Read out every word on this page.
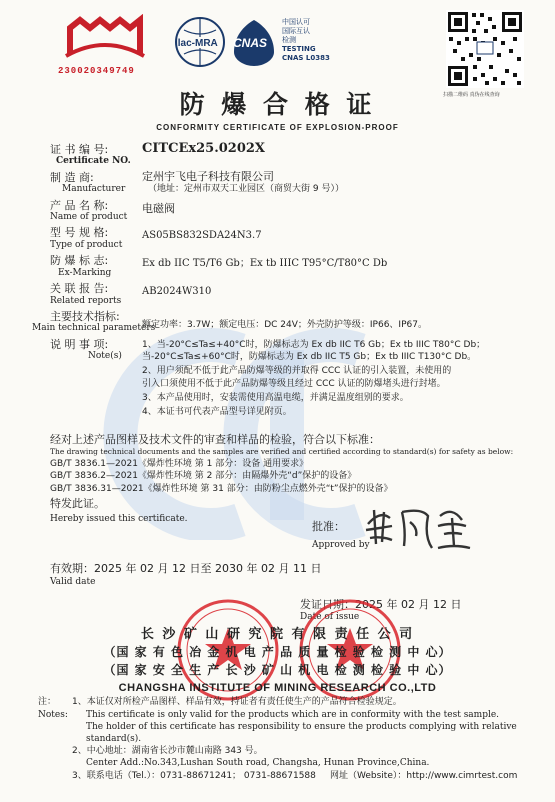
230020349749
ilac-MRA CNAS
中国认可
国际互认
检测
TESTING
CNAS L0383
扫描二维码 真伪在线查询
防 爆 合 格 证
CONFORMITY CERTIFICATE OF EXPLOSION-PROOF
证 书 编 号:
Certificate NO.
CITCEx25.0202X
制 造 商:
Manufacturer
定州宇飞电子科技有限公司
（地址：定州市双天工业园区（商贸大街 9 号））
产 品 名 称:
Name of product
电磁阀
型 号 规 格:
Type of product
AS05BS832SDA24N3.7
防 爆 标 志:
Ex-Marking
Ex db IIC T5/T6 Gb；Ex tb IIIC T95°C/T80°C Db
关 联 报 告:
Related reports
AB2024W310
主要技术指标:
Main technical parameters
额定功率：3.7W；额定电压：DC 24V；外壳防护等级：IP66、IP67。
说 明 事 项:
Note(s)
1、当-20°C≤Ta≤+40°C时，防爆标志为 Ex db IIC T6 Gb；Ex tb IIIC T80°C Db；
当-20°C≤Ta≤+60°C时，防爆标志为 Ex db IIC T5 Gb；Ex tb IIIC T130°C Db。
2、用户须配不低于此产品防爆等级的并取得 CCC 认证的引入装置，未使用的
引入口须使用不低于此产品防爆等级且经过 CCC 认证的防爆堵头进行封堵。
3、本产品使用时，安装需使用高温电缆，并满足温度组别的要求。
4、本证书可代表产品型号详见附页。
经对上述产品图样及技术文件的审查和样品的检验，符合以下标准：
The drawing technical documents and the samples are verified and certified according to standard(s) for safety as below:
GB/T 3836.1—2021《爆炸性环境 第 1 部分：设备 通用要求》
GB/T 3836.2—2021《爆炸性环境 第 2 部分：由隔爆外壳“d”保护的设备》
GB/T 3836.31—2021《爆炸性环境 第 31 部分：由防粉尘点燃外壳“t”保护的设备》
特发此证。
Hereby issued this certificate.
批准：
Approved by
有效期：2025 年 02 月 12 日至 2030 年 02 月 11 日
Valid date
发证日期：2025 年 02 月 12 日
Date of issue
长 沙 矿 山 研 究 院 有 限 责 任 公 司
（国 家 有 色 冶 金 机 电 产 品 质 量 检 验 检 测 中 心）
（国 家 安 全 生 产 长 沙 矿 山 机 电 检 测 检 验 中 心）
CHANGSHA INSTITUTE OF MINING RESEARCH CO.,LTD
注： 1、本证仅对所检产品图样、样品有效，持证者有责任使生产的产品符合检验规定。
Notes: This certificate is only valid for the products which are in conformity with the test sample.
The holder of this certificate has responsibility to ensure the products complying with relative
standard(s).
2、中心地址：湖南省长沙市麓山南路 343 号。
Center Add.:No.343,Lushan South road, Changsha, Hunan Province,China.
3、联系电话（Tel.）：0731-88671241； 0731-88671588 网址（Website）：http://www.cimrtest.com
